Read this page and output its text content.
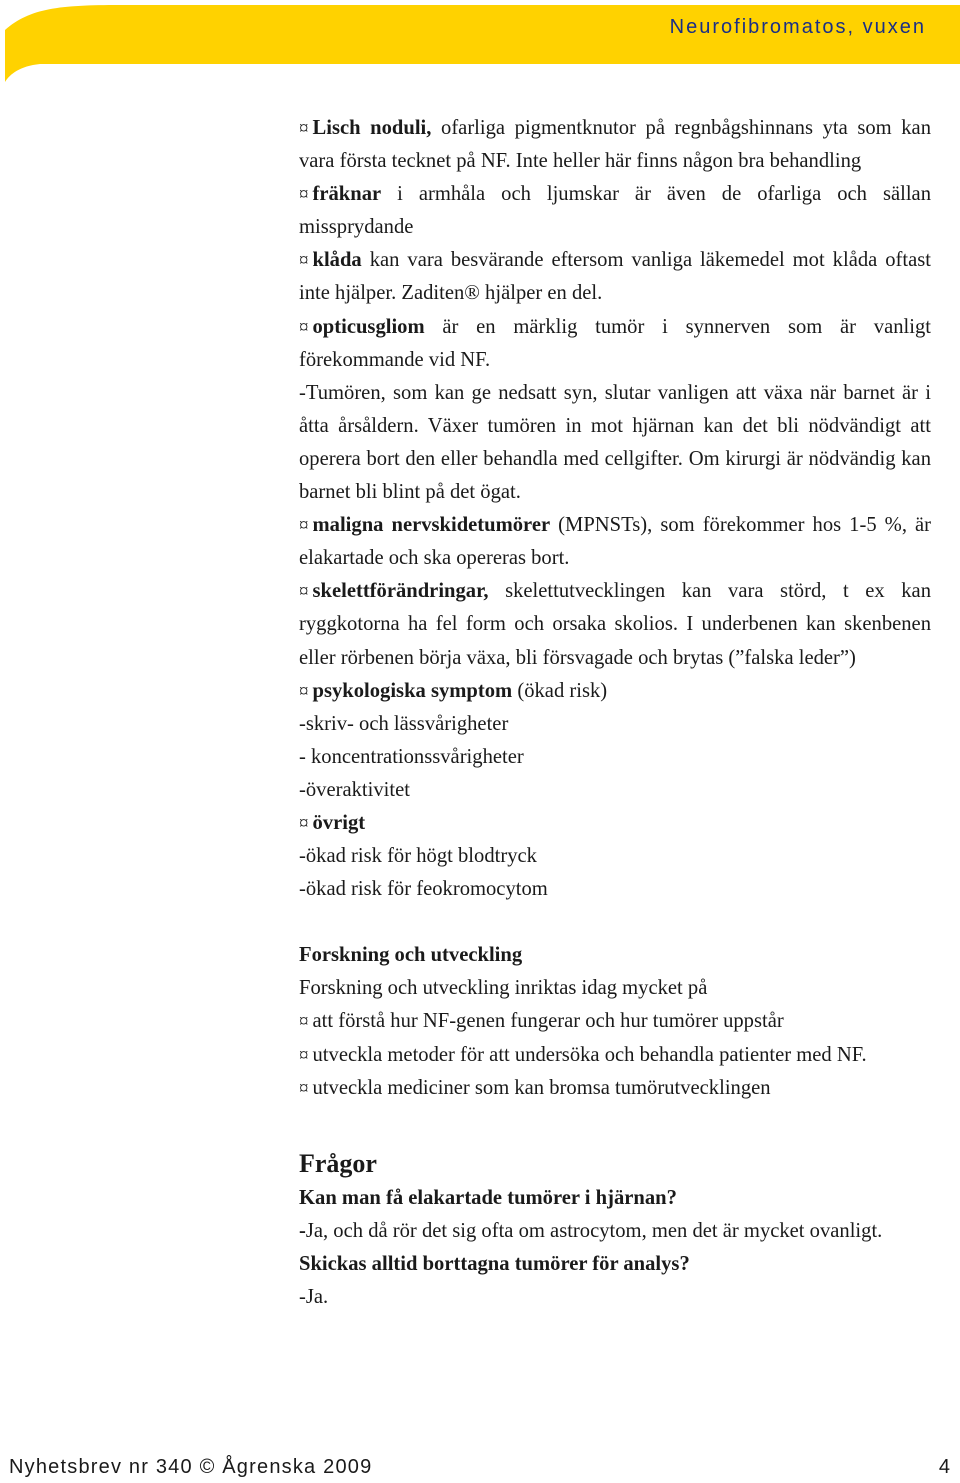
Neurofibromatos, vuxen

¤ Lisch noduli, ofarliga pigmentknutor på regnbågshinnans yta som kan vara första tecknet på NF. Inte heller här finns någon bra behandling

¤ fräknar i armhåla och ljumskar är även de ofarliga och sällan missprydande

¤ klåda kan vara besvärande eftersom vanliga läkemedel mot klåda oftast inte hjälper. Zaditen® hjälper en del.

¤ opticusgliom är en märklig tumör i synnerven som är vanligt förekommande vid NF.

-Tumören, som kan ge nedsatt syn, slutar vanligen att växa när barnet är i åtta årsåldern. Växer tumören in mot hjärnan kan det bli nödvändigt att operera bort den eller behandla med cellgifter. Om kirurgi är nödvändig kan barnet bli blint på det ögat.

¤ maligna nervskidetumörer (MPNSTs), som förekommer hos 1-5 %, är elakartade och ska opereras bort.

¤ skelettförändringar, skelettutvecklingen kan vara störd, t ex kan ryggkotorna ha fel form och orsaka skolios. I underbenen kan skenbenen eller rörbenen börja växa, bli försvagade och brytas (”falska leder”)

¤ psykologiska symptom (ökad risk)

-skriv- och lässvårigheter

- koncentrationssvårigheter

-överaktivitet

¤ övrigt

-ökad risk för högt blodtryck

-ökad risk för feokromocytom

Forskning och utveckling

Forskning och utveckling inriktas idag mycket på

¤ att förstå hur NF-genen fungerar och hur tumörer uppstår

¤ utveckla metoder för att undersöka och behandla patienter med NF.

¤ utveckla mediciner som kan bromsa tumörutvecklingen

Frågor

Kan man få elakartade tumörer i hjärnan?

-Ja, och då rör det sig ofta om astrocytom, men det är mycket ovanligt.

Skickas alltid borttagna tumörer för analys?

-Ja.

Nyhetsbrev nr 340 © Ågrenska 2009	4
